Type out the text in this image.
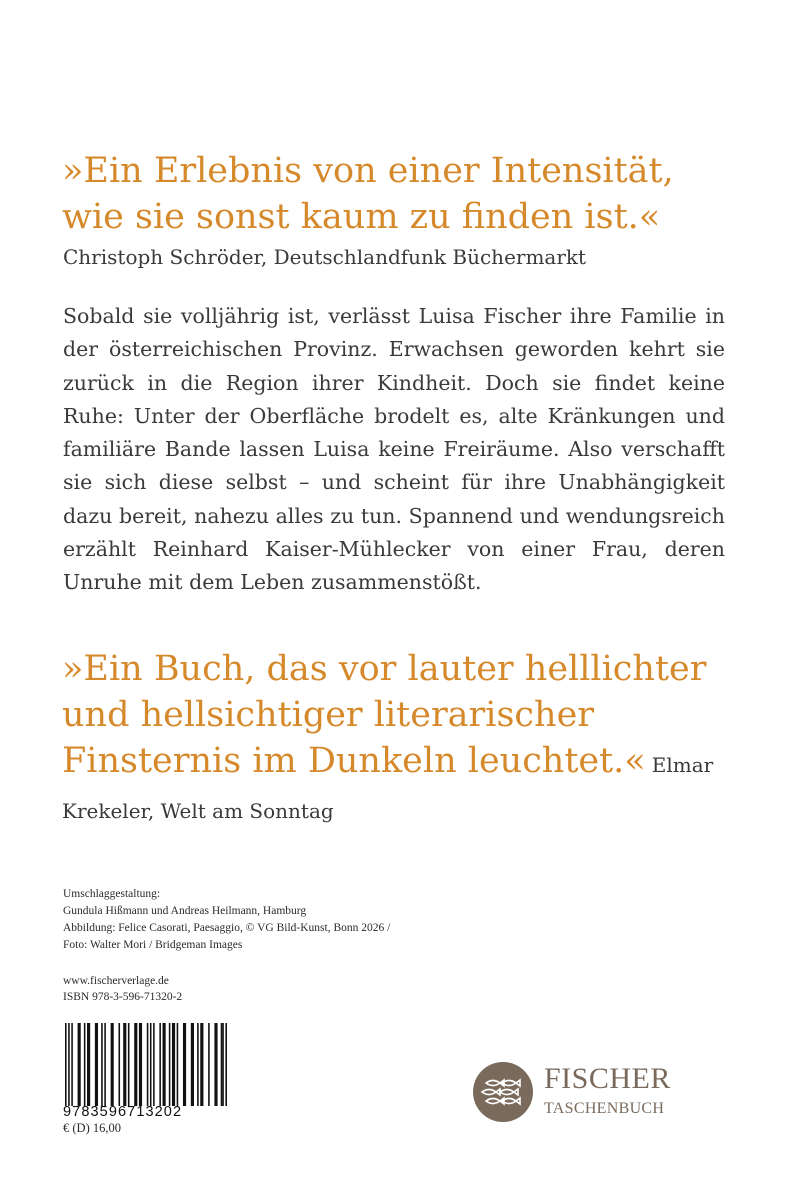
»Ein Erlebnis von einer Intensität, wie sie sonst kaum zu finden ist.«
Christoph Schröder, Deutschlandfunk Büchermarkt
Sobald sie volljährig ist, verlässt Luisa Fischer ihre Familie in der österreichischen Provinz. Erwachsen geworden kehrt sie zurück in die Region ihrer Kindheit. Doch sie findet keine Ruhe: Unter der Oberfläche brodelt es, alte Kränkungen und familiäre Bande lassen Luisa keine Freiräume. Also verschafft sie sich diese selbst – und scheint für ihre Unabhängigkeit dazu bereit, nahezu alles zu tun. Spannend und wendungsreich erzählt Reinhard Kaiser-Mühlecker von einer Frau, deren Unruhe mit dem Leben zusammenstößt.
»Ein Buch, das vor lauter helllichter und hellsichtiger literarischer Finsternis im Dunkeln leuchtet.« Elmar Krekeler, Welt am Sonntag
Umschlaggestaltung:
Gundula Hißmann und Andreas Heilmann, Hamburg
Abbildung: Felice Casorati, Paesaggio, © VG Bild-Kunst, Bonn 2026 /
Foto: Walter Mori / Bridgeman Images
www.fischerverlage.de
ISBN 978-3-596-71320-2
9783596713202
€ (D) 16,00
FISCHER
TASCHENBUCH
